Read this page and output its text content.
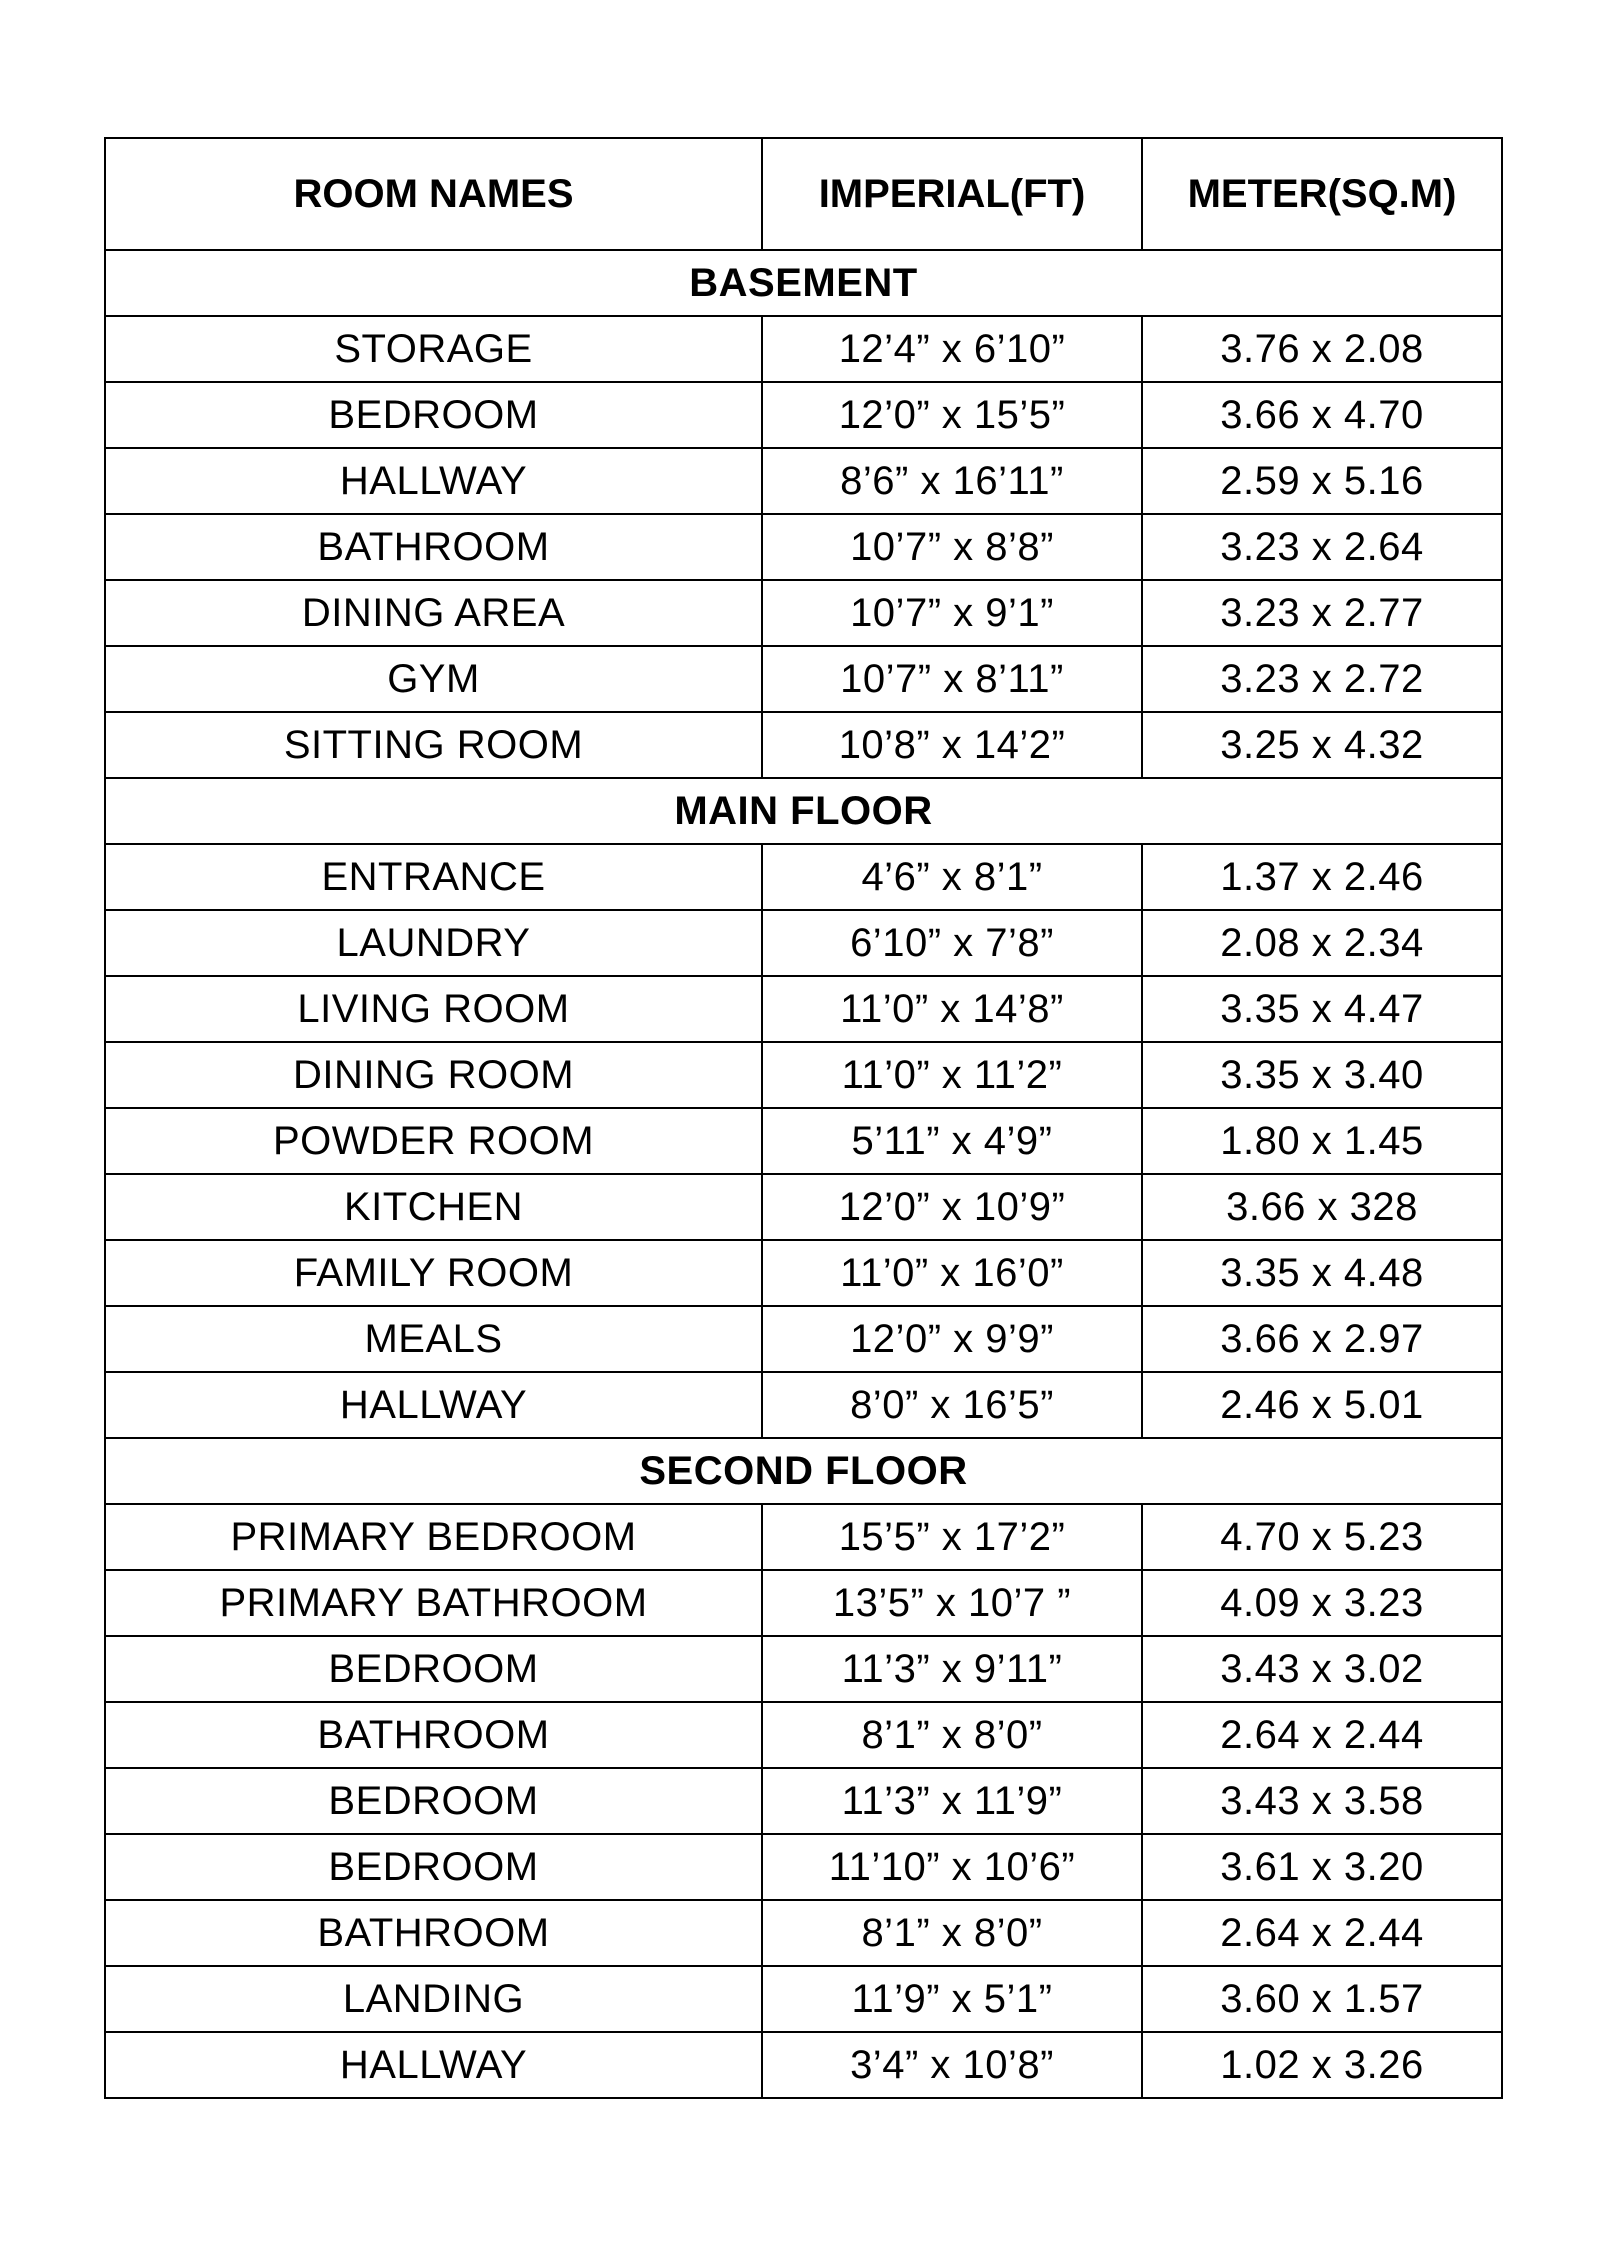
ROOM NAMES	IMPERIAL(FT)	METER(SQ.M)
BASEMENT		
STORAGE	12’4” x 6’10”	3.76 x 2.08
BEDROOM	12’0” x 15’5”	3.66 x 4.70
HALLWAY	8’6” x 16’11”	2.59 x 5.16
BATHROOM	10’7” x 8’8”	3.23 x 2.64
DINING AREA	10’7” x 9’1”	3.23 x 2.77
GYM	10’7” x 8’11”	3.23 x 2.72
SITTING ROOM	10’8” x 14’2”	3.25 x 4.32
MAIN FLOOR		
ENTRANCE	4’6” x 8’1”	1.37 x 2.46
LAUNDRY	6’10” x 7’8”	2.08 x 2.34
LIVING ROOM	11’0” x 14’8”	3.35 x 4.47
DINING ROOM	11’0” x 11’2”	3.35 x 3.40
POWDER ROOM	5’11” x 4’9”	1.80 x 1.45
KITCHEN	12’0” x 10’9”	3.66 x 328
FAMILY ROOM	11’0” x 16’0”	3.35 x 4.48
MEALS	12’0” x 9’9”	3.66 x 2.97
HALLWAY	8’0” x 16’5”	2.46 x 5.01
SECOND FLOOR		
PRIMARY BEDROOM	15’5” x 17’2”	4.70 x 5.23
PRIMARY BATHROOM	13’5” x 10’7 ”	4.09 x 3.23
BEDROOM	11’3” x 9’11”	3.43 x 3.02
BATHROOM	8’1” x 8’0”	2.64 x 2.44
BEDROOM	11’3” x 11’9”	3.43 x 3.58
BEDROOM	11’10” x 10’6”	3.61 x 3.20
BATHROOM	8’1” x 8’0”	2.64 x 2.44
LANDING	11’9” x 5’1”	3.60 x 1.57
HALLWAY	3’4” x 10’8”	1.02 x 3.26
